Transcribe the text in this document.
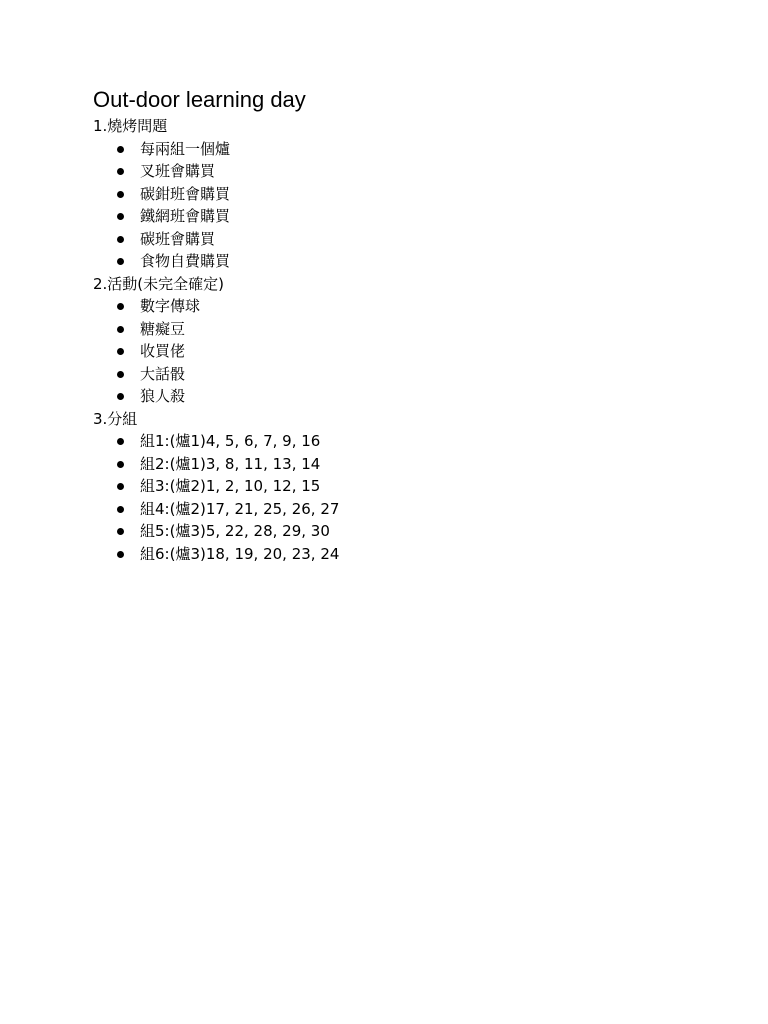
Out-door learning day
1.燒烤問題
每兩組一個爐
叉班會購買
碳鉗班會購買
鐵網班會購買
碳班會購買
食物自費購買
2.活動(未完全確定)
數字傳球
糖癡豆
收買佬
大話骰
狼人殺
3.分組
組1:(爐1)4, 5, 6, 7, 9, 16
組2:(爐1)3, 8, 11, 13, 14
組3:(爐2)1, 2, 10, 12, 15
組4:(爐2)17, 21, 25, 26, 27
組5:(爐3)5, 22, 28, 29, 30
組6:(爐3)18, 19, 20, 23, 24
